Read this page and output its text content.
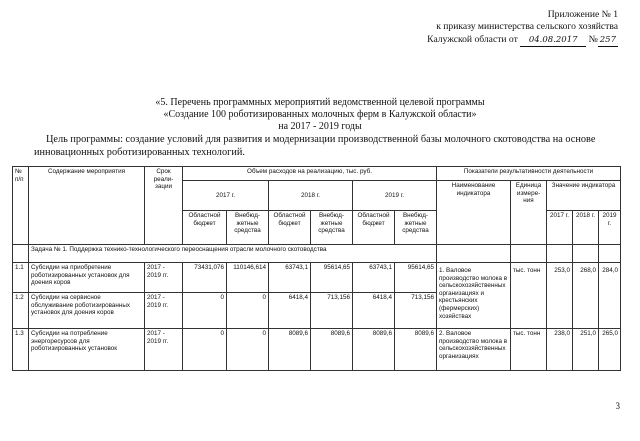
Приложение № 1
к приказу министерства сельского хозяйства
Калужской области от 04.08.2017 № 257
«5. Перечень программных мероприятий ведомственной целевой программы
«Создание 100 роботизированных молочных ферм в Калужской области»
на 2017 - 2019 годы
Цель программы: создание условий для развития и модернизации производственной базы молочного скотоводства на основе инновационных роботизированных технологий.
№ п/п	Содержание мероприятия	Срок реали-зации	Объем расходов на реализацию, тыс. руб.						Показатели результативности деятельности				
			2017 г.		2018 г.		2019 г.		Наименование индикатора	Единица измере-ния	Значение индикатора		
			Областной бюджет	Внебюд-жетные средства	Областной бюджет	Внебюд-жетные средства	Областной бюджет	Внебюд-жетные средства			2017 г.	2018 г.	2019 г.
	Задача № 1. Поддержка технико-технологического переоснащения отрасли молочного скотоводства												
1.1	Субсидии на приобретение роботизированных установок для доения коров	2017 - 2019 гг.	73431,076	110146,614	63743,1	95614,65	63743,1	95614,65	1. Валовое производство молока в сельскохозяйственных организациях и крестьянских (фермерских) хозяйствах	тыс. тонн	253,0	268,0	284,0
1.2	Субсидии на сервисное обслуживание роботизированных установок для доения коров	2017 - 2019 гг.	0	0	6418,4	713,156	6418,4	713,156					
1.3	Субсидии на потребление энергоресурсов для роботизированных установок	2017 - 2019 гг.	0	0	8089,6	8089,6	8089,6	8089,6	2. Валовое производство молока в сельскохозяйственных организациях	тыс. тонн	238,0	251,0	265,0
3
